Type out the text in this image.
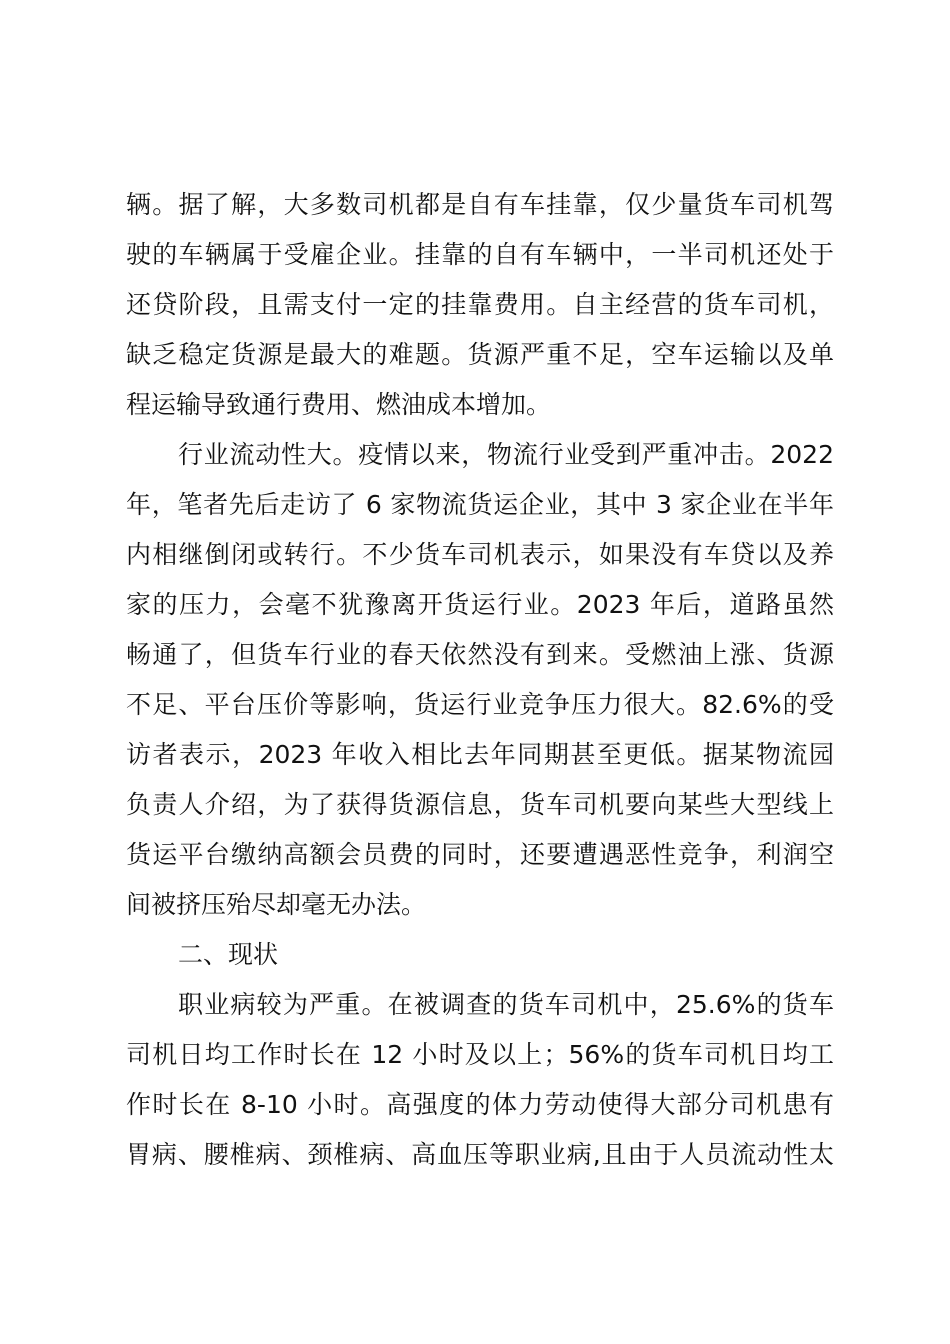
辆。据了解，大多数司机都是自有车挂靠，仅少量货车司机驾
驶的车辆属于受雇企业。挂靠的自有车辆中，一半司机还处于
还贷阶段，且需支付一定的挂靠费用。自主经营的货车司机，
缺乏稳定货源是最大的难题。货源严重不足，空车运输以及单
程运输导致通行费用、燃油成本增加。
行业流动性大。疫情以来，物流行业受到严重冲击。2022
年，笔者先后走访了 6 家物流货运企业，其中 3 家企业在半年
内相继倒闭或转行。不少货车司机表示，如果没有车贷以及养
家的压力，会毫不犹豫离开货运行业。2023 年后，道路虽然
畅通了，但货车行业的春天依然没有到来。受燃油上涨、货源
不足、平台压价等影响，货运行业竞争压力很大。82.6%的受
访者表示，2023 年收入相比去年同期甚至更低。据某物流园
负责人介绍，为了获得货源信息，货车司机要向某些大型线上
货运平台缴纳高额会员费的同时，还要遭遇恶性竞争，利润空
间被挤压殆尽却毫无办法。
二、现状
职业病较为严重。在被调查的货车司机中，25.6%的货车
司机日均工作时长在 12 小时及以上；56%的货车司机日均工
作时长在 8-10 小时。高强度的体力劳动使得大部分司机患有
胃病、腰椎病、颈椎病、高血压等职业病,且由于人员流动性太
